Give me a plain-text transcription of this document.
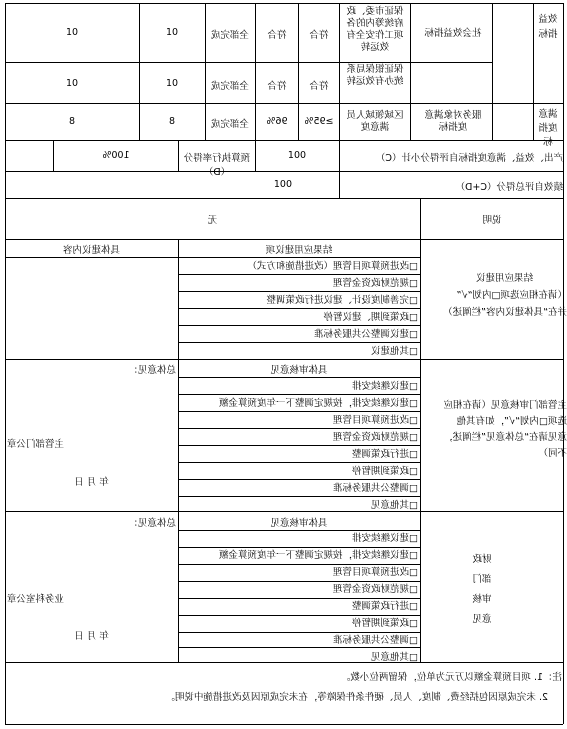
效益指标
满意度指标
社会效益指标
保证市委、政府统筹内的各项工作安全有效运转
符合
符合
全部完成
10
10
保证银保局系统办有效运转
符合
符合
全部完成
10
10
服务对象满意度指标
区域领域人员满意度
≥95%
96%
全部完成
8
8
产出、效益、满意度指标自评得分小计（C）
100
预算执行率得分（D）
100%
绩效自评总得分（C+D）
100
说明
无
结果应用建议项
具体建议内容
结果应用建议
（请在相应选项□内划“√”
并在“具体建议内容”栏阐述）
□改进预算项目管理（改进措施和方式）
□规范财政资金管理
□完善制度设计、建议进行政策调整
□政策到期、建议暂停
□建议调整公共服务标准
□其他建议
主管部门审核意见（请在相应
选项□内划“√”，如有其他
意见请在“总体意见”栏阐述，
不同）
具体审核意见
总体意见：
□建议继续安排
□建议继续安排，按规定调整下一年度预算金额
□改进预算项目管理
□规范财政资金管理
□进行政策调整
□政策到期暂停
□调整公共服务标准
□其他意见
主管部门公章
年 月 日
财政
部门
审核
意见
具体审核意见
总体意见：
□建议继续安排
□建议继续安排，按规定调整下一年度预算金额
□改进预算项目管理
□规范财政资金管理
□进行政策调整
□政策到期暂停
□调整公共服务标准
□其他意见
业务科室公章
年 月 日
注：1. 项目预算金额以万元为单位，保留两位小数。
2. 未完成原因包括经费、制度、人员、硬件条件保障等，在未完成原因及改进措施中说明。
